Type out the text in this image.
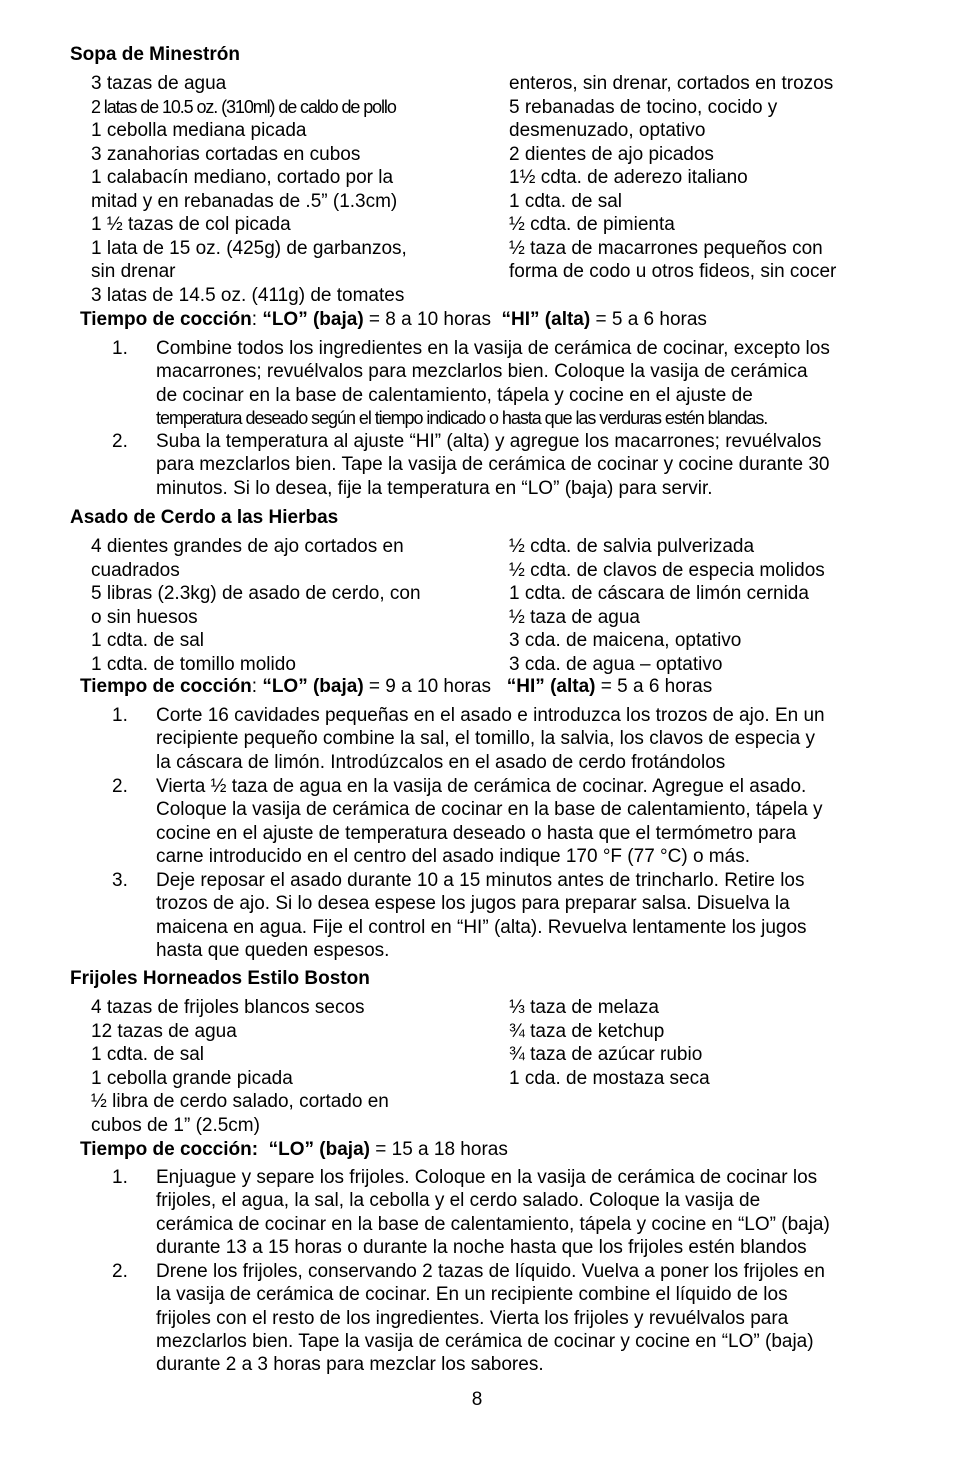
Sopa de Minestrón
3 tazas de agua
2 latas de 10.5 oz. (310ml) de caldo de pollo
1 cebolla mediana picada
3 zanahorias cortadas en cubos
1 calabacín mediano, cortado por la
mitad y en rebanadas de .5” (1.3cm)
1 ½ tazas de col picada
1 lata de 15 oz. (425g) de garbanzos,
sin drenar
3 latas de 14.5 oz. (411g) de tomates
enteros, sin drenar, cortados en trozos
5 rebanadas de tocino, cocido y
desmenuzado, optativo
2 dientes de ajo picados
1½ cdta. de aderezo italiano
1 cdta. de sal
½ cdta. de pimienta
½ taza de macarrones pequeños con
forma de codo u otros fideos, sin cocer
Tiempo de cocción: “LO” (baja) = 8 a 10 horas “HI” (alta) = 5 a 6 horas
1. Combine todos los ingredientes en la vasija de cerámica de cocinar, excepto los
macarrones; revuélvalos para mezclarlos bien. Coloque la vasija de cerámica
de cocinar en la base de calentamiento, tápela y cocine en el ajuste de
temperatura deseado según el tiempo indicado o hasta que las verduras estén blandas.
2. Suba la temperatura al ajuste “HI” (alta) y agregue los macarrones; revuélvalos
para mezclarlos bien. Tape la vasija de cerámica de cocinar y cocine durante 30
minutos. Si lo desea, fije la temperatura en “LO” (baja) para servir.
Asado de Cerdo a las Hierbas
4 dientes grandes de ajo cortados en
cuadrados
5 libras (2.3kg) de asado de cerdo, con
o sin huesos
1 cdta. de sal
1 cdta. de tomillo molido
½ cdta. de salvia pulverizada
½ cdta. de clavos de especia molidos
1 cdta. de cáscara de limón cernida
½ taza de agua
3 cda. de maicena, optativo
3 cda. de agua – optativo
Tiempo de cocción: “LO” (baja) = 9 a 10 horas “HI” (alta) = 5 a 6 horas
1. Corte 16 cavidades pequeñas en el asado e introduzca los trozos de ajo. En un
recipiente pequeño combine la sal, el tomillo, la salvia, los clavos de especia y
la cáscara de limón. Introdúzcalos en el asado de cerdo frotándolos
2. Vierta ½ taza de agua en la vasija de cerámica de cocinar. Agregue el asado.
Coloque la vasija de cerámica de cocinar en la base de calentamiento, tápela y
cocine en el ajuste de temperatura deseado o hasta que el termómetro para
carne introducido en el centro del asado indique 170 °F (77 °C) o más.
3. Deje reposar el asado durante 10 a 15 minutos antes de trincharlo. Retire los
trozos de ajo. Si lo desea espese los jugos para preparar salsa. Disuelva la
maicena en agua. Fije el control en “HI” (alta). Revuelva lentamente los jugos
hasta que queden espesos.
Frijoles Horneados Estilo Boston
4 tazas de frijoles blancos secos
12 tazas de agua
1 cdta. de sal
1 cebolla grande picada
½ libra de cerdo salado, cortado en
cubos de 1” (2.5cm)
⅓ taza de melaza
¾ taza de ketchup
¾ taza de azúcar rubio
1 cda. de mostaza seca
Tiempo de cocción: “LO” (baja) = 15 a 18 horas
1. Enjuague y separe los frijoles. Coloque en la vasija de cerámica de cocinar los
frijoles, el agua, la sal, la cebolla y el cerdo salado. Coloque la vasija de
cerámica de cocinar en la base de calentamiento, tápela y cocine en “LO” (baja)
durante 13 a 15 horas o durante la noche hasta que los frijoles estén blandos
2. Drene los frijoles, conservando 2 tazas de líquido. Vuelva a poner los frijoles en
la vasija de cerámica de cocinar. En un recipiente combine el líquido de los
frijoles con el resto de los ingredientes. Vierta los frijoles y revuélvalos para
mezclarlos bien. Tape la vasija de cerámica de cocinar y cocine en “LO” (baja)
durante 2 a 3 horas para mezclar los sabores.
8
